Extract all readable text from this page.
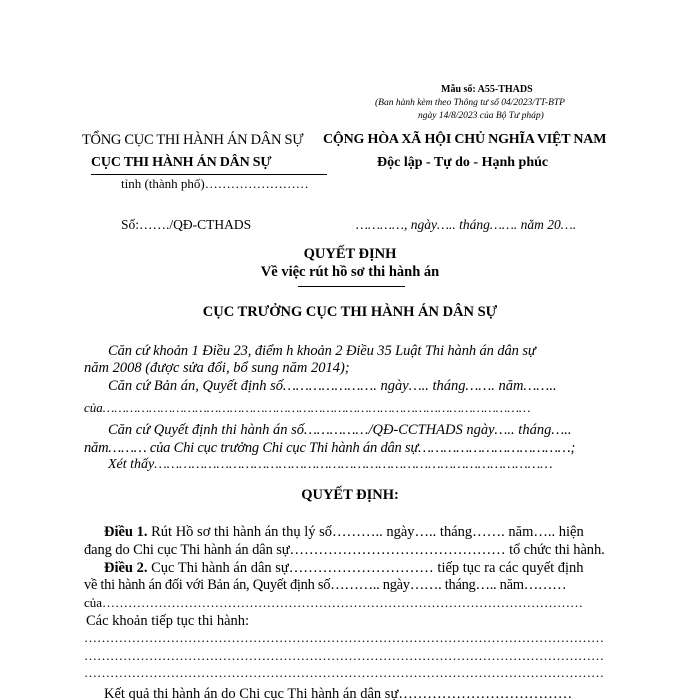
Mẫu số: A55-THADS
(Ban hành kèm theo Thông tư số 04/2023/TT-BTP
ngày 14/8/2023 của Bộ Tư pháp)
TỔNG CỤC THI HÀNH ÁN DÂN SỰ
CỤC THI HÀNH ÁN DÂN SỰ
tỉnh (thành phố)……………………
CỘNG HÒA XÃ HỘI CHỦ NGHĨA VIỆT NAM
Độc lập - Tự do - Hạnh phúc
Số:……./QĐ-CTHADS	…………, ngày….. tháng……. năm 20….
QUYẾT ĐỊNH
Về việc rút hồ sơ thi hành án
CỤC TRƯỞNG CỤC THI HÀNH ÁN DÂN SỰ
Căn cứ khoản 1 Điều 23, điểm h khoản 2 Điều 35 Luật Thi hành án dân sự
năm 2008 (được sửa đổi, bổ sung năm 2014);
Căn cứ Bản án, Quyết định số…………………. ngày….. tháng……. năm……..
của…………………………………………………………………………………………………
Căn cứ Quyết định thi hành án số……………/QĐ-CCTHADS ngày….. tháng…..
năm……… của Chi cục trưởng Chi cục Thi hành án dân sự………………………………;
Xét thấy……………………………………………………………………………………
QUYẾT ĐỊNH:
Điều 1. Rút Hồ sơ thi hành án thụ lý số……….. ngày….. tháng……. năm….. hiện
đang do Chi cục Thi hành án dân sự……………………………………… tổ chức thi hành.
Điều 2. Cục Thi hành án dân sự………………………… tiếp tục ra các quyết định
về thi hành án đối với Bản án, Quyết định số……….. ngày……. tháng….. năm………
của…………………………………………………………………………………………………
Các khoản tiếp tục thi hành:
…………………………………………………………………………………………………………
…………………………………………………………………………………………………………
…………………………………………………………………………………………………………
Kết quả thi hành án do Chi cục Thi hành án dân sự………………………………
